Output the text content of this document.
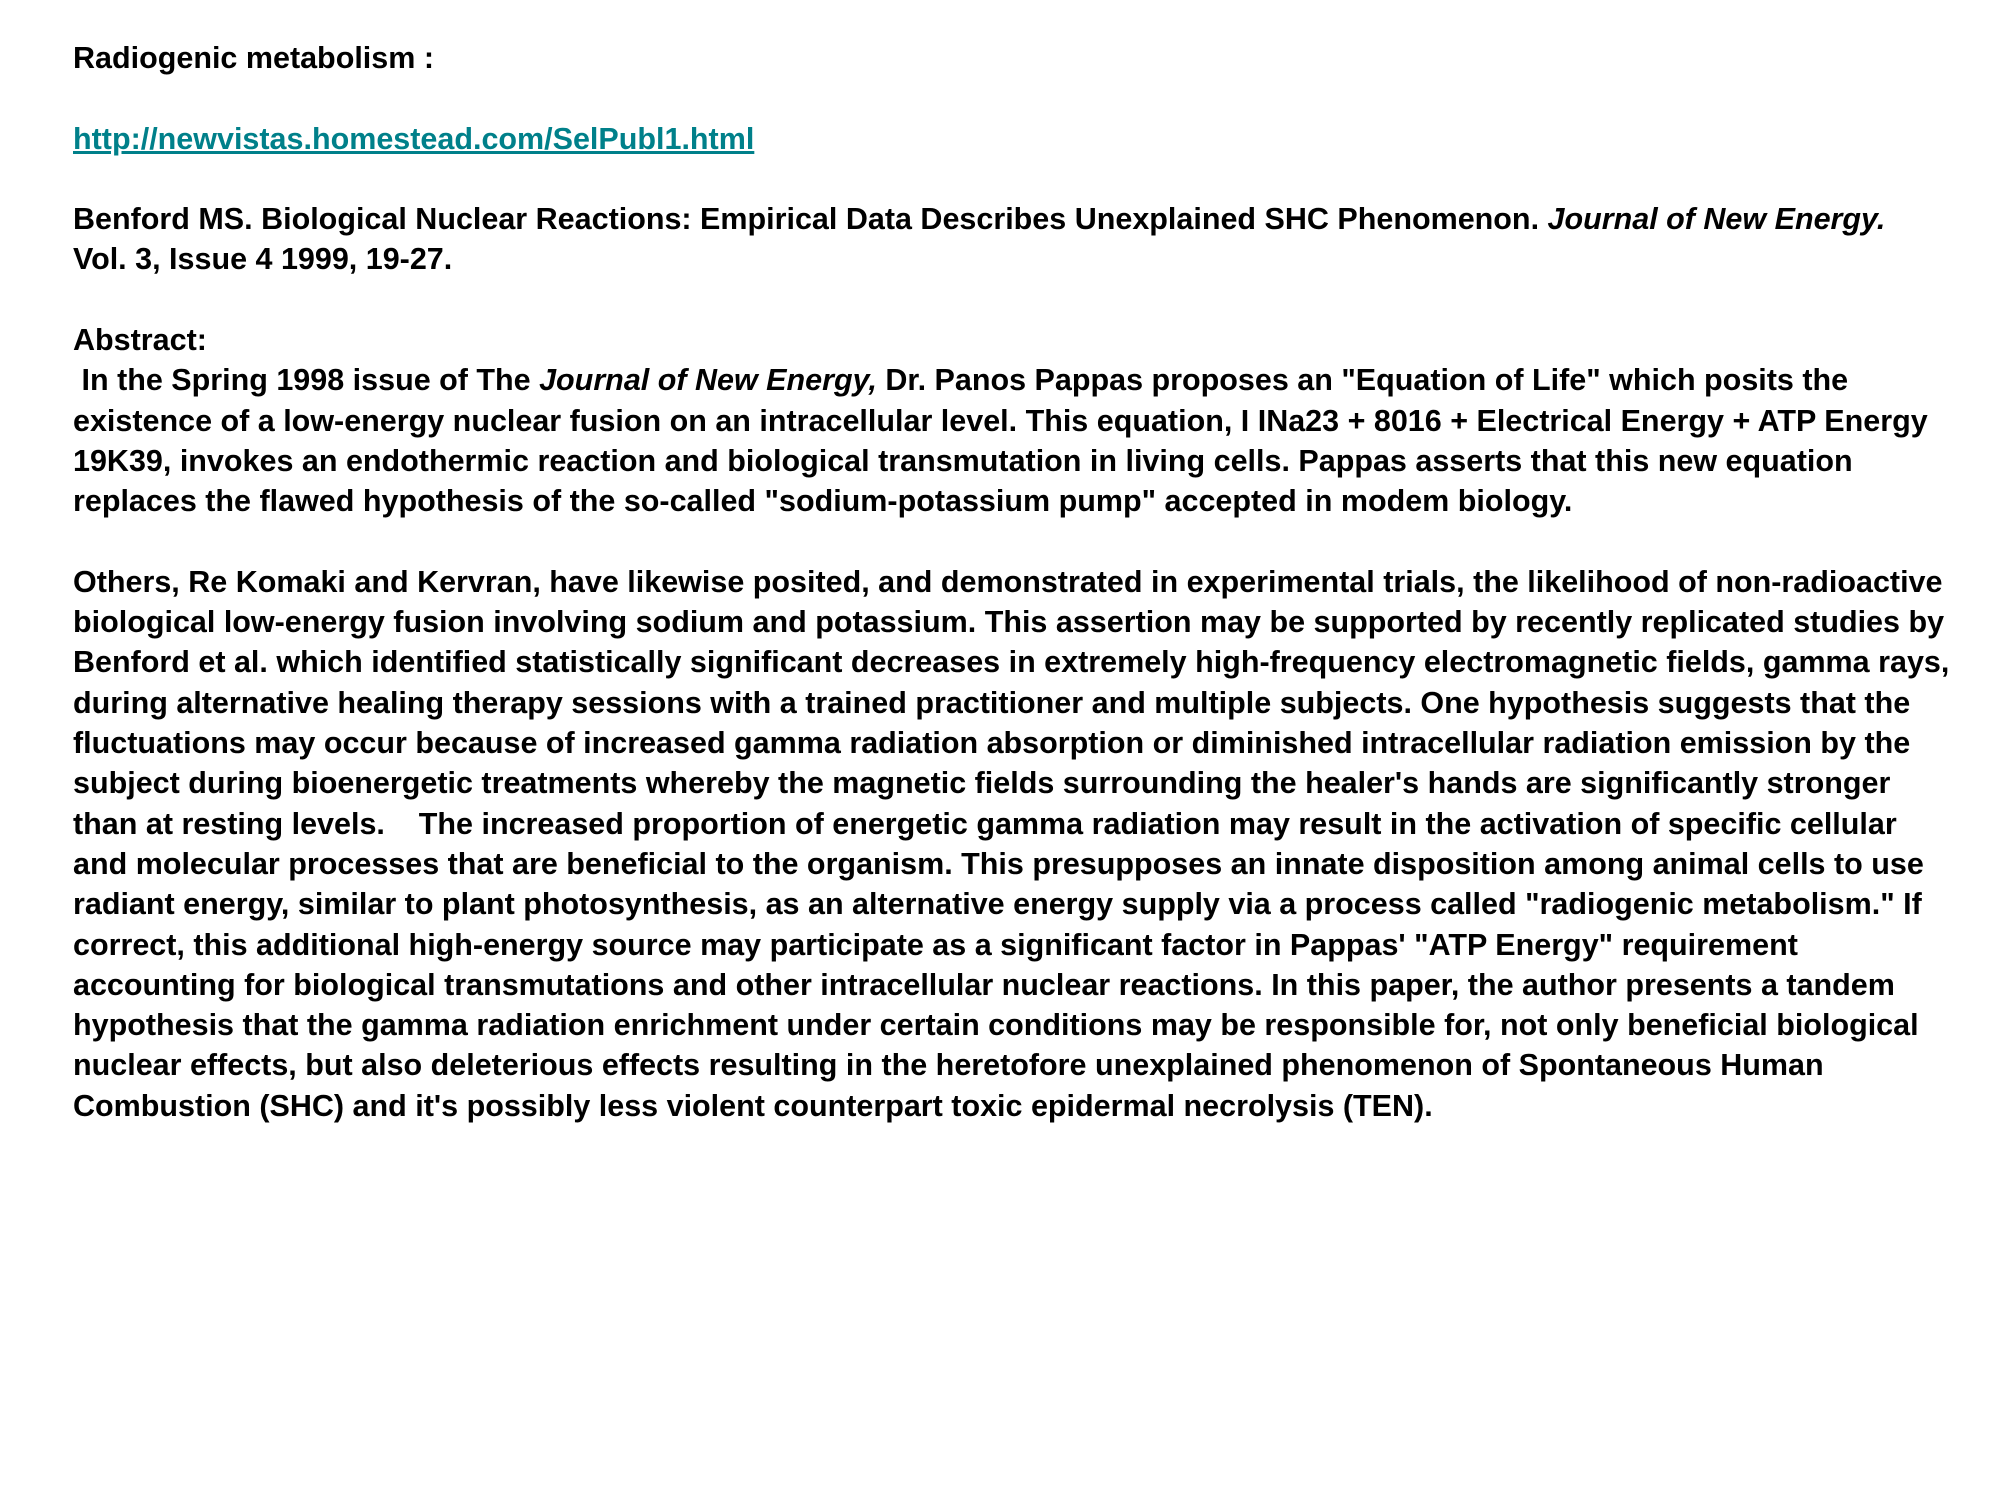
Radiogenic metabolism :

http://newvistas.homestead.com/SelPubl1.html

Benford MS. Biological Nuclear Reactions: Empirical Data Describes Unexplained SHC Phenomenon. Journal of New Energy.  Vol. 3, Issue 4 1999, 19-27.

Abstract:

In the Spring 1998 issue of The Journal of New Energy, Dr. Panos Pappas proposes an "Equation of Life" which posits the existence of a low-energy nuclear fusion on an intracellular level. This equation, I INa23 + 8016 + Electrical Energy + ATP Energy 19K39, invokes an endothermic reaction and biological transmutation in living cells. Pappas asserts that this new equation replaces the flawed hypothesis of the so-called "sodium-potassium pump" accepted in modem biology.

Others, Re Komaki and Kervran, have likewise posited, and demonstrated in experimental trials, the likelihood of non-radioactive biological low-energy fusion involving sodium and potassium. This assertion may be supported by recently replicated studies by Benford et al. which identified statistically significant decreases in extremely high-frequency electromagnetic fields, gamma rays, during alternative healing therapy sessions with a trained practitioner and multiple subjects. One hypothesis suggests that the fluctuations may occur because of increased gamma radiation absorption or diminished intracellular radiation emission by the subject during bioenergetic treatments whereby the magnetic fields surrounding the healer's hands are significantly stronger than at resting levels.    The increased proportion of energetic gamma radiation may result in the activation of specific cellular and molecular processes that are beneficial to the organism. This presupposes an innate disposition among animal cells to use radiant energy, similar to plant photosynthesis, as an alternative energy supply via a process called "radiogenic metabolism." If correct, this additional high-energy source may participate as a significant factor in Pappas' "ATP Energy" requirement accounting for biological transmutations and other intracellular nuclear reactions. In this paper, the author presents a tandem hypothesis that the gamma radiation enrichment under certain conditions may be responsible for, not only beneficial biological nuclear effects, but also deleterious effects resulting in the heretofore unexplained phenomenon of Spontaneous Human Combustion (SHC) and it's possibly less violent counterpart toxic epidermal necrolysis (TEN).
